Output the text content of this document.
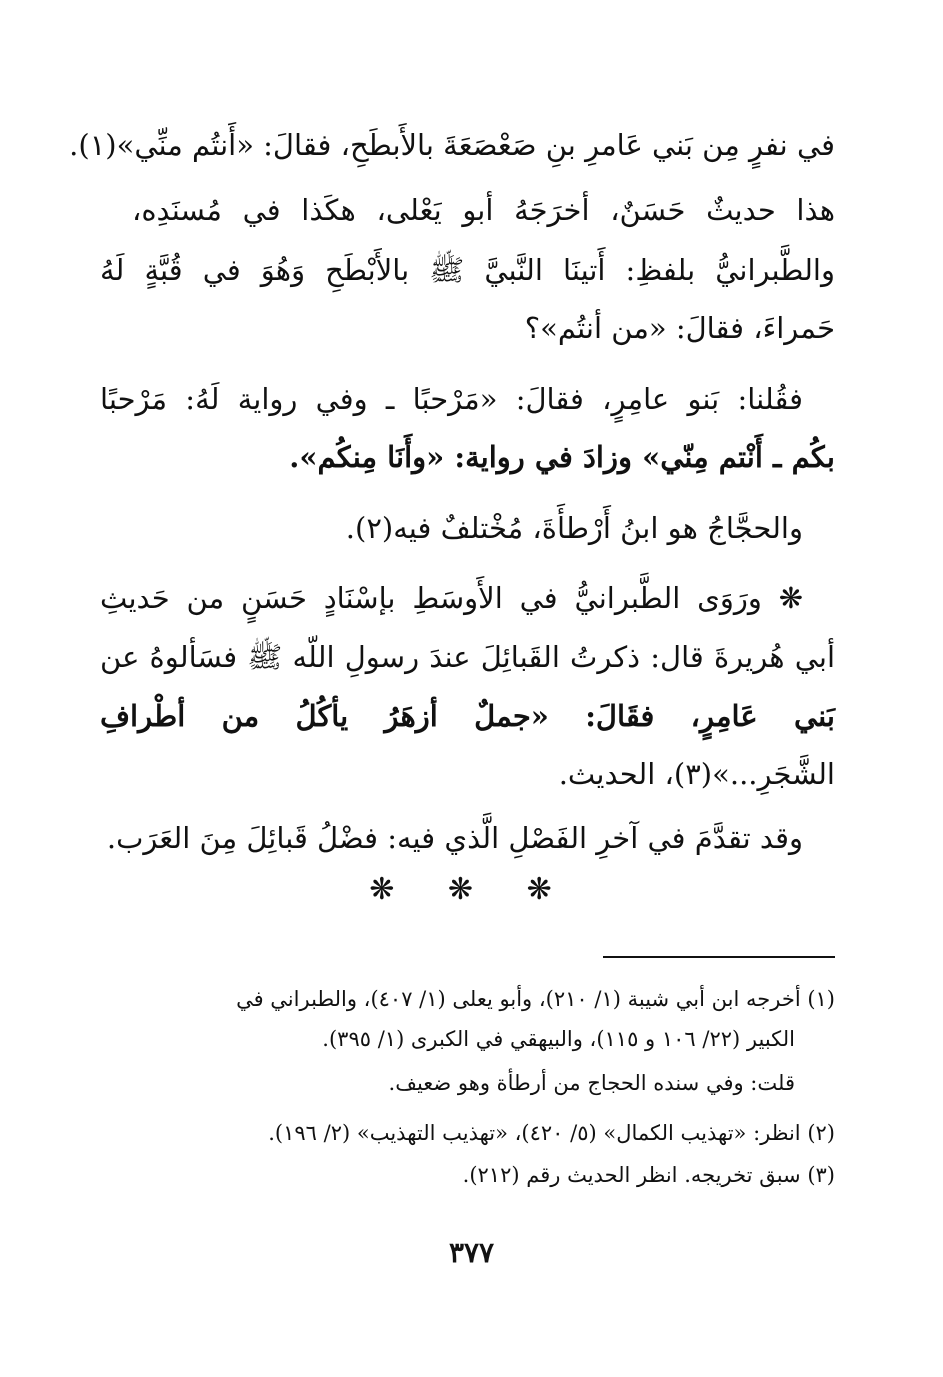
في نفرٍ مِن بَني عَامرِ بنِ صَعْصَعَةَ بالأَبطَحِ، فقالَ: «أَنتُم منِّي»(١).
هذا حديثٌ حَسَنٌ، أخرَجَهُ أبو يَعْلى، هكَذا في مُسنَدِه،
والطَّبرانيُّ بلفظِ: أَتينَا النَّبيَّ ﷺ بالأَبْطَحِ وَهُوَ في قُبَّةٍ لَهُ
حَمراءَ، فقالَ: «من أنتُم»؟
فقُلنا: بَنو عامِرٍ، فقالَ: «مَرْحبًا ـ وفي رواية لَهُ: مَرْحبًا
بكُم ـ أَنْتم مِنّي» وزادَ في رواية: «وأَنَا مِنكُم».
والحجَّاجُ هو ابنُ أَرْطأَةَ، مُخْتلفٌ فيه(٢).
❋ ورَوَى الطَّبرانيُّ في الأَوسَطِ بإسْنَادٍ حَسَنٍ من حَديثِ
أبي هُريرةَ قال: ذكرتُ القَبائِلَ عندَ رسولِ اللّه ﷺ فسَألوهُ عن
بَني عَامِرٍ، فقَالَ: «جملٌ أزهَرُ يأكُلُ من أطْرافِ
الشَّجَرِ...»(٣)، الحديث.
وقد تقدَّمَ في آخرِ الفَصْلِ الَّذي فيه: فضْلُ قَبائِلَ مِنَ العَرَب.
❋ ❋ ❋
(١) أخرجه ابن أبي شيبة (١/ ٢١٠)، وأبو يعلى (١/ ٤٠٧)، والطبراني في
الكبير (٢٢/ ١٠٦ و ١١٥)، والبيهقي في الكبرى (١/ ٣٩٥).
قلت: وفي سنده الحجاج من أرطأة وهو ضعيف.
(٢) انظر: «تهذيب الكمال» (٥/ ٤٢٠)، «تهذيب التهذيب» (٢/ ١٩٦).
(٣) سبق تخريجه. انظر الحديث رقم (٢١٢).
٣٧٧
